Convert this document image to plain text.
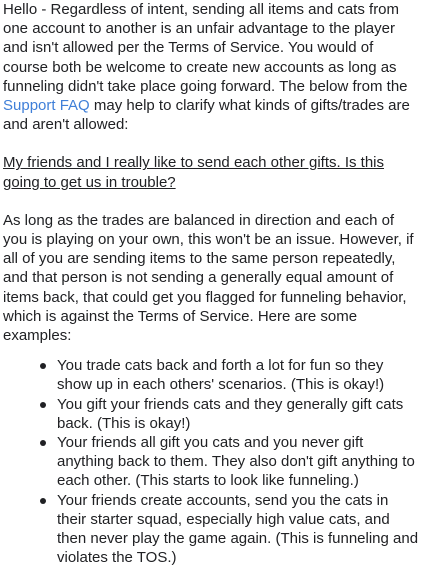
Hello - Regardless of intent, sending all items and cats from one account to another is an unfair advantage to the player and isn't allowed per the Terms of Service. You would of course both be welcome to create new accounts as long as funneling didn't take place going forward. The below from the Support FAQ may help to clarify what kinds of gifts/trades are and aren't allowed:

My friends and I really like to send each other gifts. Is this going to get us in trouble?

As long as the trades are balanced in direction and each of you is playing on your own, this won't be an issue. However, if all of you are sending items to the same person repeatedly, and that person is not sending a generally equal amount of items back, that could get you flagged for funneling behavior, which is against the Terms of Service. Here are some examples:

You trade cats back and forth a lot for fun so they show up in each others' scenarios. (This is okay!)
You gift your friends cats and they generally gift cats back. (This is okay!)
Your friends all gift you cats and you never gift anything back to them. They also don't gift anything to each other. (This starts to look like funneling.)
Your friends create accounts, send you the cats in their starter squad, especially high value cats, and then never play the game again. (This is funneling and violates the TOS.)
